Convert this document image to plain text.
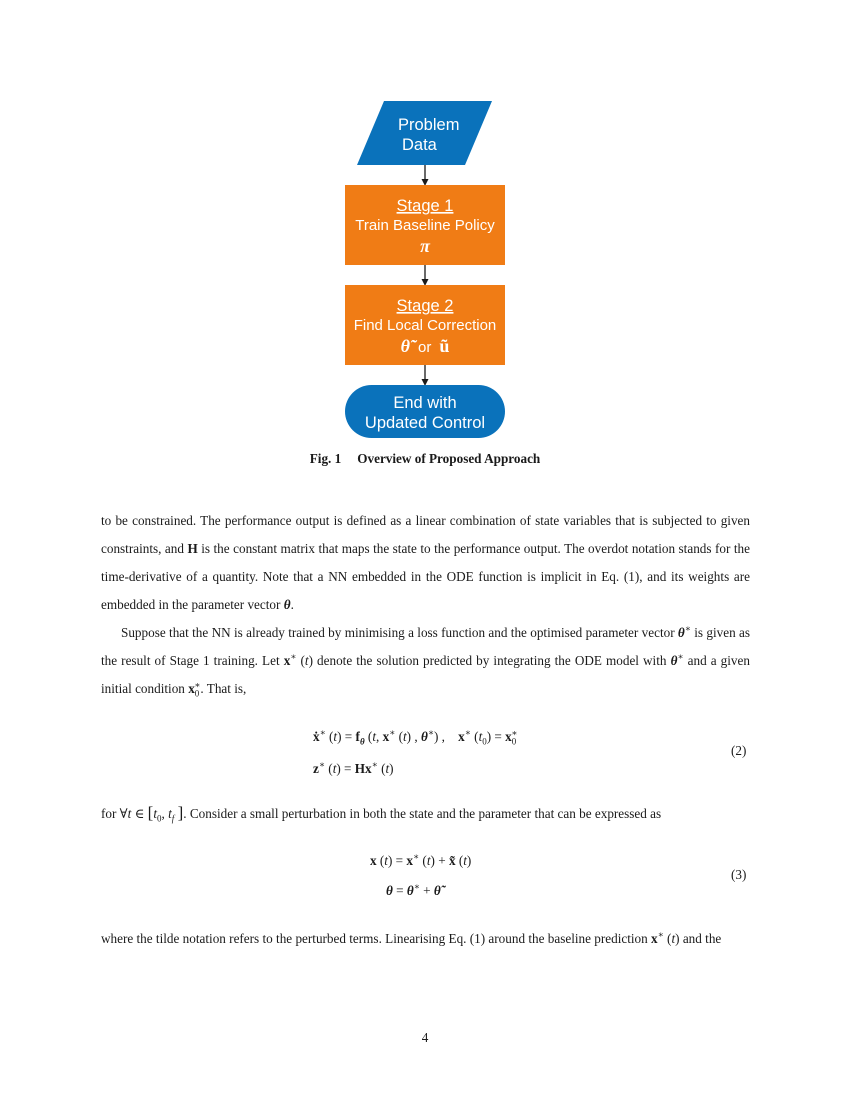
Problem
Data
Stage 1
Train Baseline Policy
π
Stage 2
Find Local Correction
θ̃ or ũ
End with
Updated Control
Fig. 1 Overview of Proposed Approach

to be constrained. The performance output is defined as a linear combination of state variables that is subjected to given constraints, and H is the constant matrix that maps the state to the performance output. The overdot notation stands for the time-derivative of a quantity. Note that a NN embedded in the ODE function is implicit in Eq. (1), and its weights are embedded in the parameter vector θ.

Suppose that the NN is already trained by minimising a loss function and the optimised parameter vector θ∗ is given as the result of Stage 1 training. Let x∗ (t) denote the solution predicted by integrating the ODE model with θ∗ and a given initial condition $x_0^∗$. That is,

ẋ∗ $(t) = f_\theta$ (t, x∗ (t) , θ∗) ,    x∗ $(t_0) = x_0^∗$
z∗ (t) = Hx∗ (t)
(2)

for ∀t ∈ [$t_0$, $t_f$ ]. Consider a small perturbation in both the state and the parameter that can be expressed as

x (t) = x∗ (t) + x̃ (t)
θ = θ∗ + θ̃
(3)

where the tilde notation refers to the perturbed terms. Linearising Eq. (1) around the baseline prediction x∗ (t) and the

4
